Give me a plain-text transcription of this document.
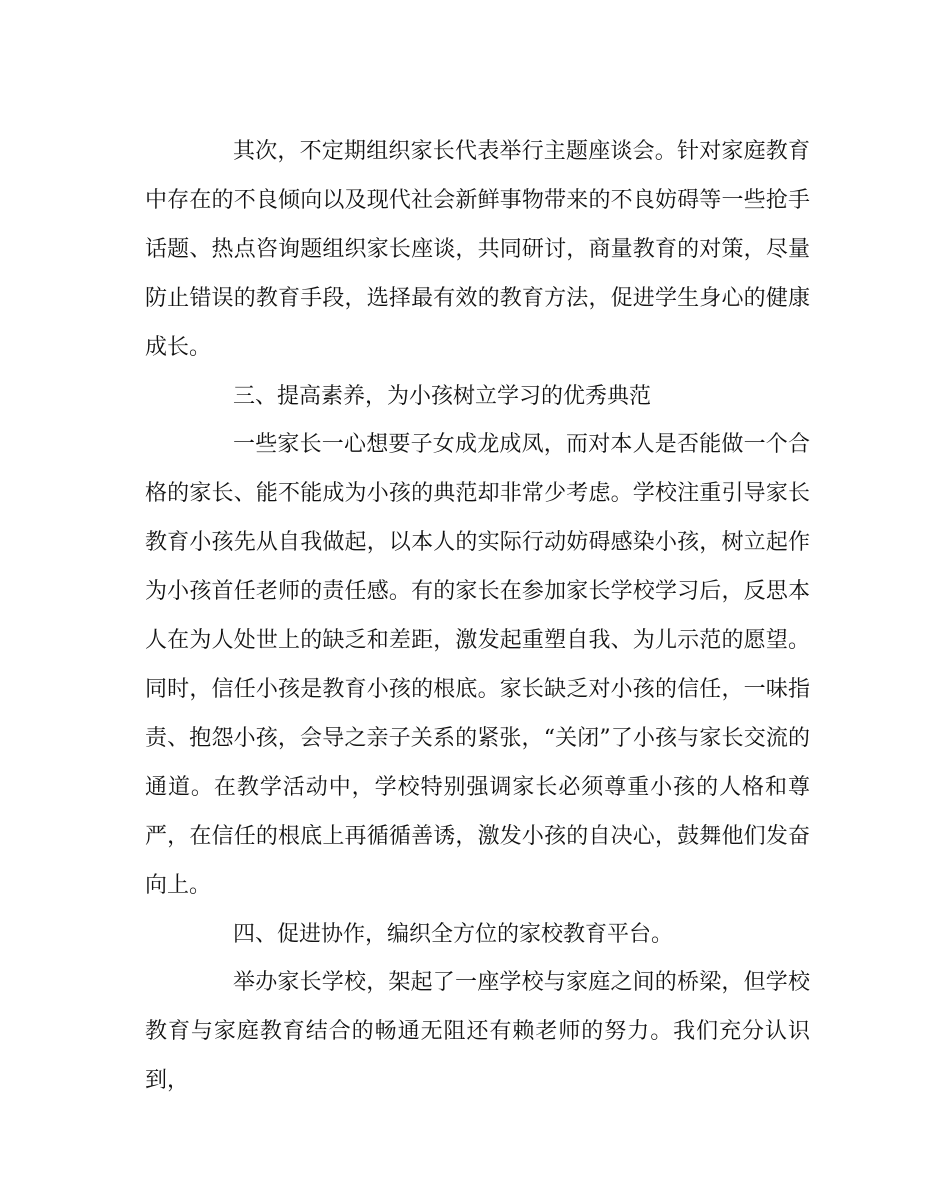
其次，不定期组织家长代表举行主题座谈会。针对家庭教育中存在的不良倾向以及现代社会新鲜事物带来的不良妨碍等一些抢手话题、热点咨询题组织家长座谈，共同研讨，商量教育的对策，尽量防止错误的教育手段，选择最有效的教育方法，促进学生身心的健康成长。

三、提高素养，为小孩树立学习的优秀典范

一些家长一心想要子女成龙成凤，而对本人是否能做一个合格的家长、能不能成为小孩的典范却非常少考虑。学校注重引导家长教育小孩先从自我做起，以本人的实际行动妨碍感染小孩，树立起作为小孩首任老师的责任感。有的家长在参加家长学校学习后，反思本人在为人处世上的缺乏和差距，激发起重塑自我、为儿示范的愿望。同时，信任小孩是教育小孩的根底。家长缺乏对小孩的信任，一味指责、抱怨小孩，会导之亲子关系的紧张，“关闭”了小孩与家长交流的通道。在教学活动中，学校特别强调家长必须尊重小孩的人格和尊严，在信任的根底上再循循善诱，激发小孩的自决心，鼓舞他们发奋向上。

四、促进协作，编织全方位的家校教育平台。

举办家长学校，架起了一座学校与家庭之间的桥梁，但学校教育与家庭教育结合的畅通无阻还有赖老师的努力。我们充分认识到，
